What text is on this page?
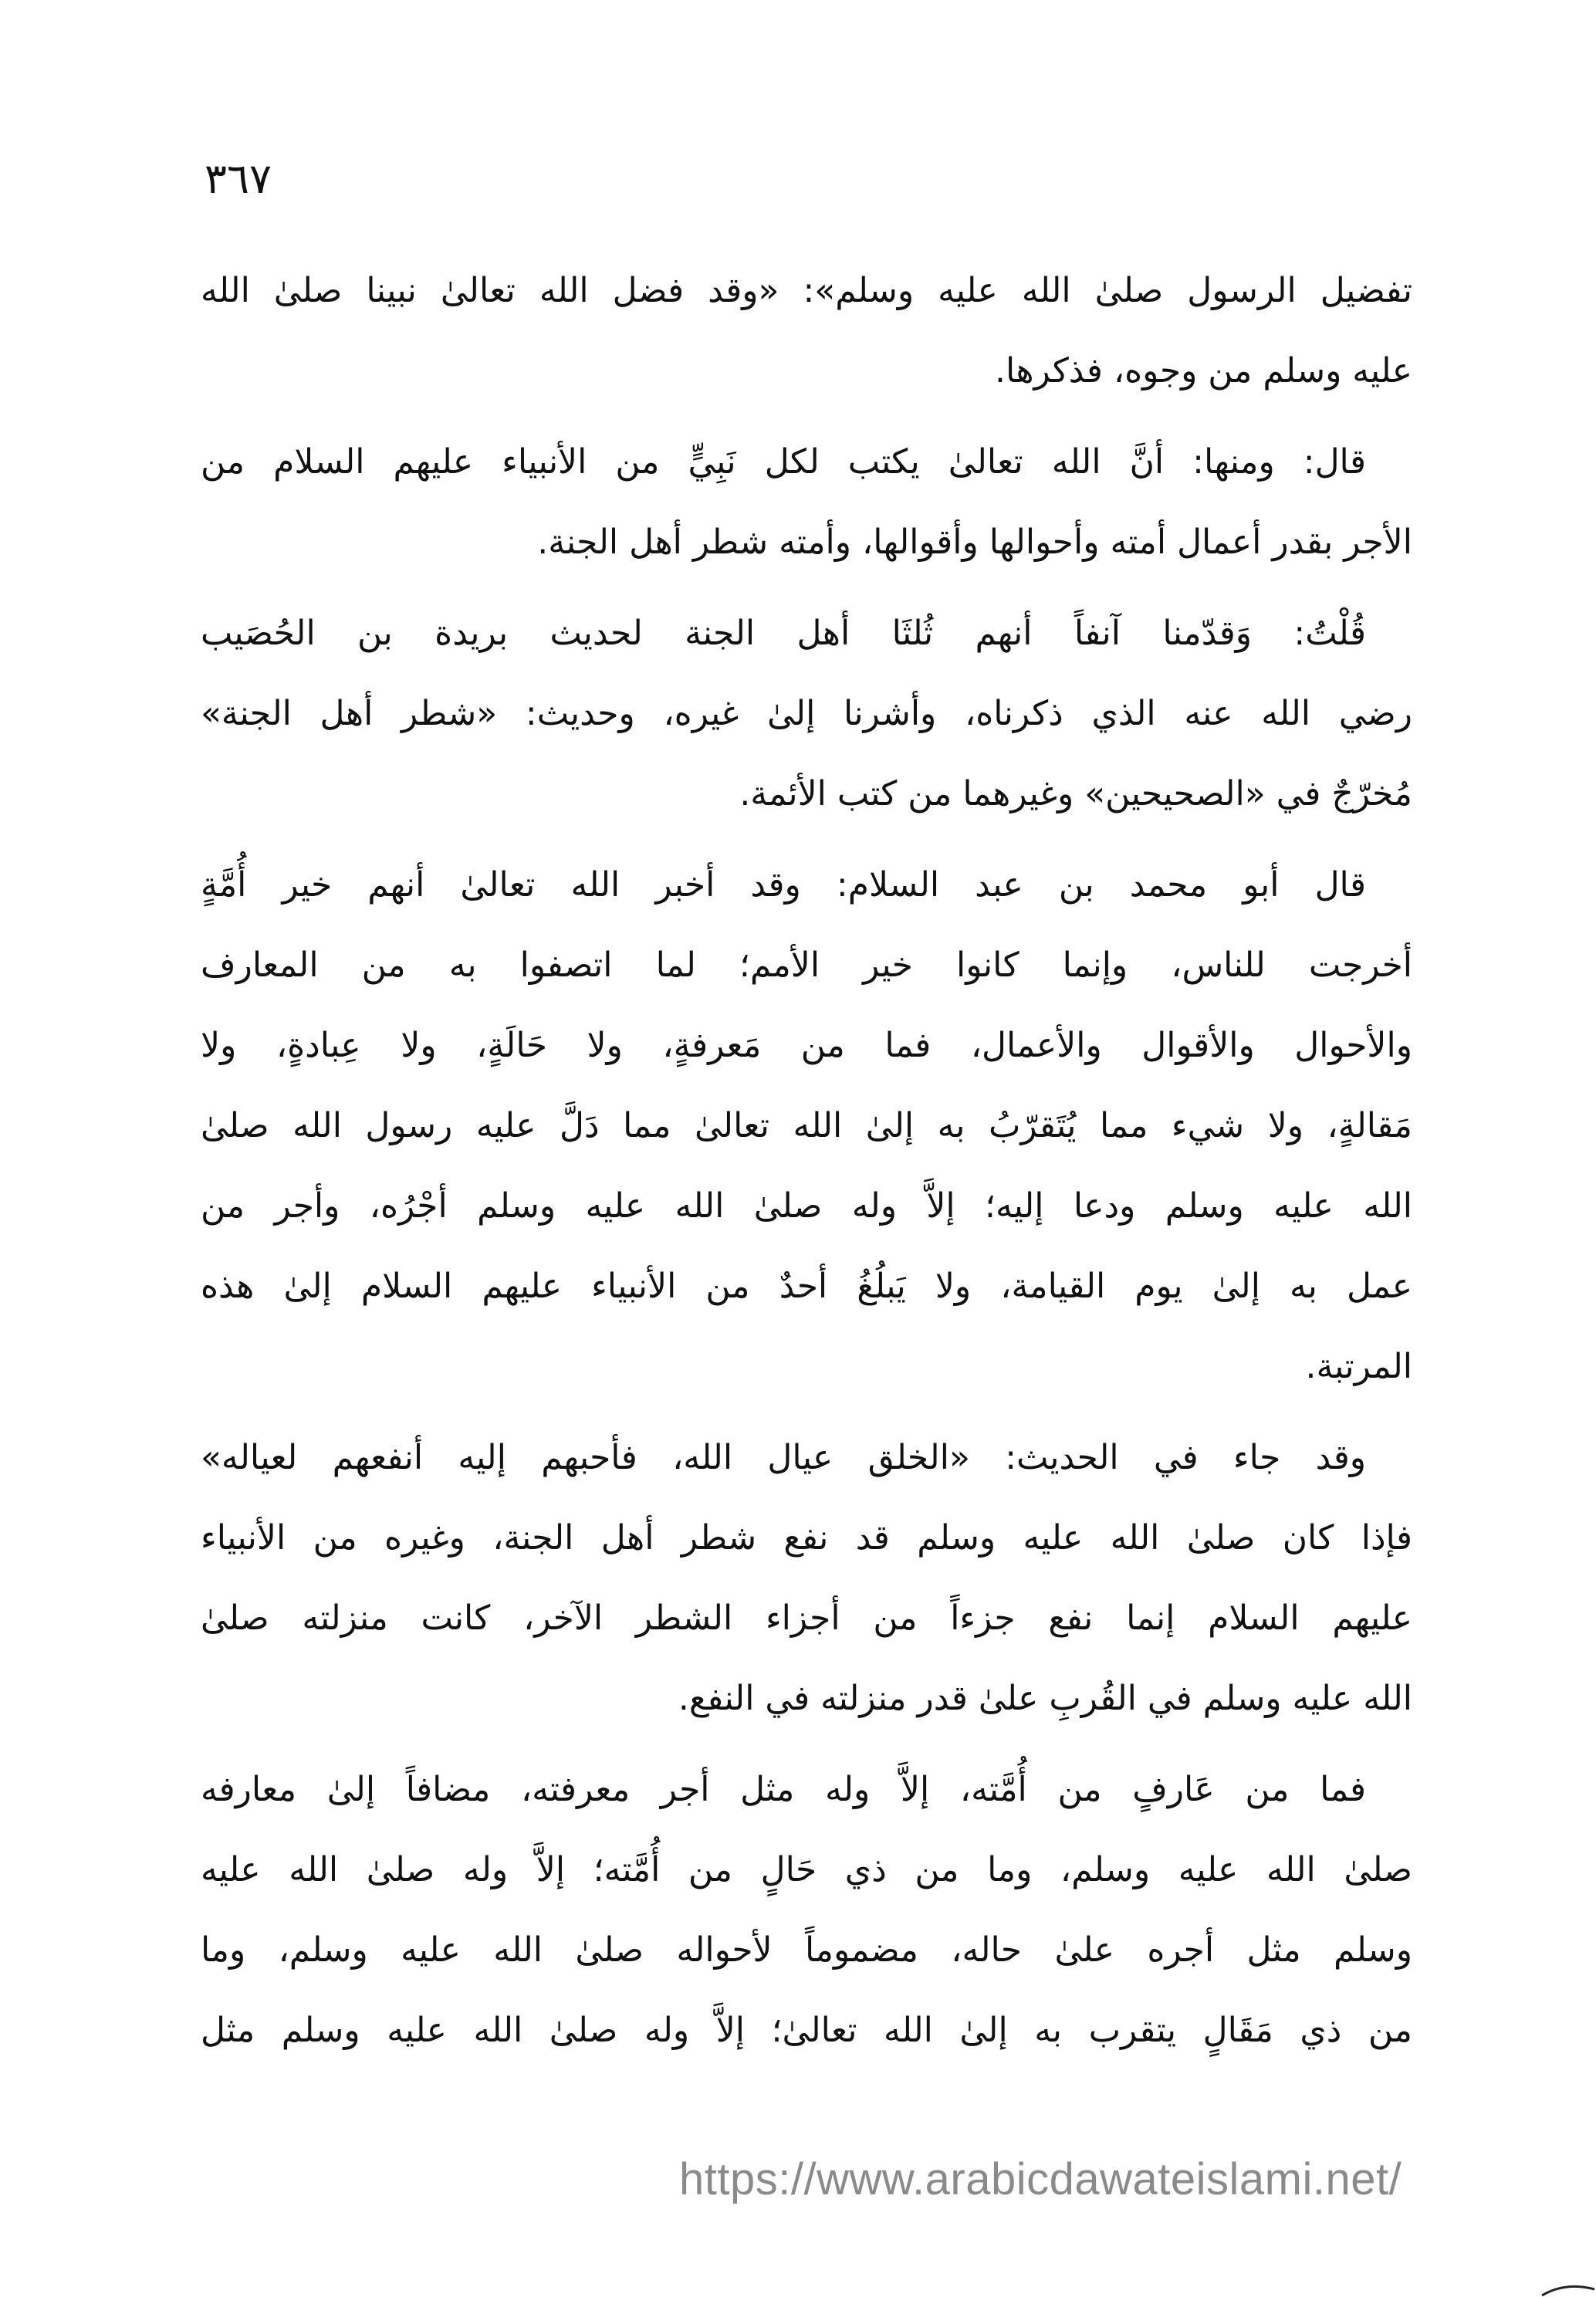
٣٦٧
تفضيل الرسول صلىٰ الله عليه وسلم»: «وقد فضل الله تعالىٰ نبينا صلىٰ الله
عليه وسلم من وجوه، فذكرها.
قال: ومنها: أنَّ الله تعالىٰ يكتب لكل نَبِيٍّ من الأنبياء عليهم السلام من
الأجر بقدر أعمال أمته وأحوالها وأقوالها، وأمته شطر أهل الجنة.
قُلْتُ: وَقدّمنا آنفاً أنهم ثُلثَا أهل الجنة لحديث بريدة بن الحُصَيب
رضي الله عنه الذي ذكرناه، وأشرنا إلىٰ غيره، وحديث: «شطر أهل الجنة»
مُخرّجٌ في «الصحيحين» وغيرهما من كتب الأئمة.
قال أبو محمد بن عبد السلام: وقد أخبر الله تعالىٰ أنهم خير أُمَّةٍ
أخرجت للناس، وإنما كانوا خير الأمم؛ لما اتصفوا به من المعارف
والأحوال والأقوال والأعمال، فما من مَعرفةٍ، ولا حَالَةٍ، ولا عِبادةٍ، ولا
مَقالةٍ، ولا شيء مما يُتَقرّبُ به إلىٰ الله تعالىٰ مما دَلَّ عليه رسول الله صلىٰ
الله عليه وسلم ودعا إليه؛ إلاَّ وله صلىٰ الله عليه وسلم أجْرُه، وأجر من
عمل به إلىٰ يوم القيامة، ولا يَبلُغُ أحدٌ من الأنبياء عليهم السلام إلىٰ هذه
المرتبة.
وقد جاء في الحديث: «الخلق عيال الله، فأحبهم إليه أنفعهم لعياله»
فإذا كان صلىٰ الله عليه وسلم قد نفع شطر أهل الجنة، وغيره من الأنبياء
عليهم السلام إنما نفع جزءاً من أجزاء الشطر الآخر، كانت منزلته صلىٰ
الله عليه وسلم في القُربِ علىٰ قدر منزلته في النفع.
فما من عَارفٍ من أُمَّته، إلاَّ وله مثل أجر معرفته، مضافاً إلىٰ معارفه
صلىٰ الله عليه وسلم، وما من ذي حَالٍ من أُمَّته؛ إلاَّ وله صلىٰ الله عليه
وسلم مثل أجره علىٰ حاله، مضموماً لأحواله صلىٰ الله عليه وسلم، وما
من ذي مَقَالٍ يتقرب به إلىٰ الله تعالىٰ؛ إلاَّ وله صلىٰ الله عليه وسلم مثل
https://www.arabicdawateislami.net/
